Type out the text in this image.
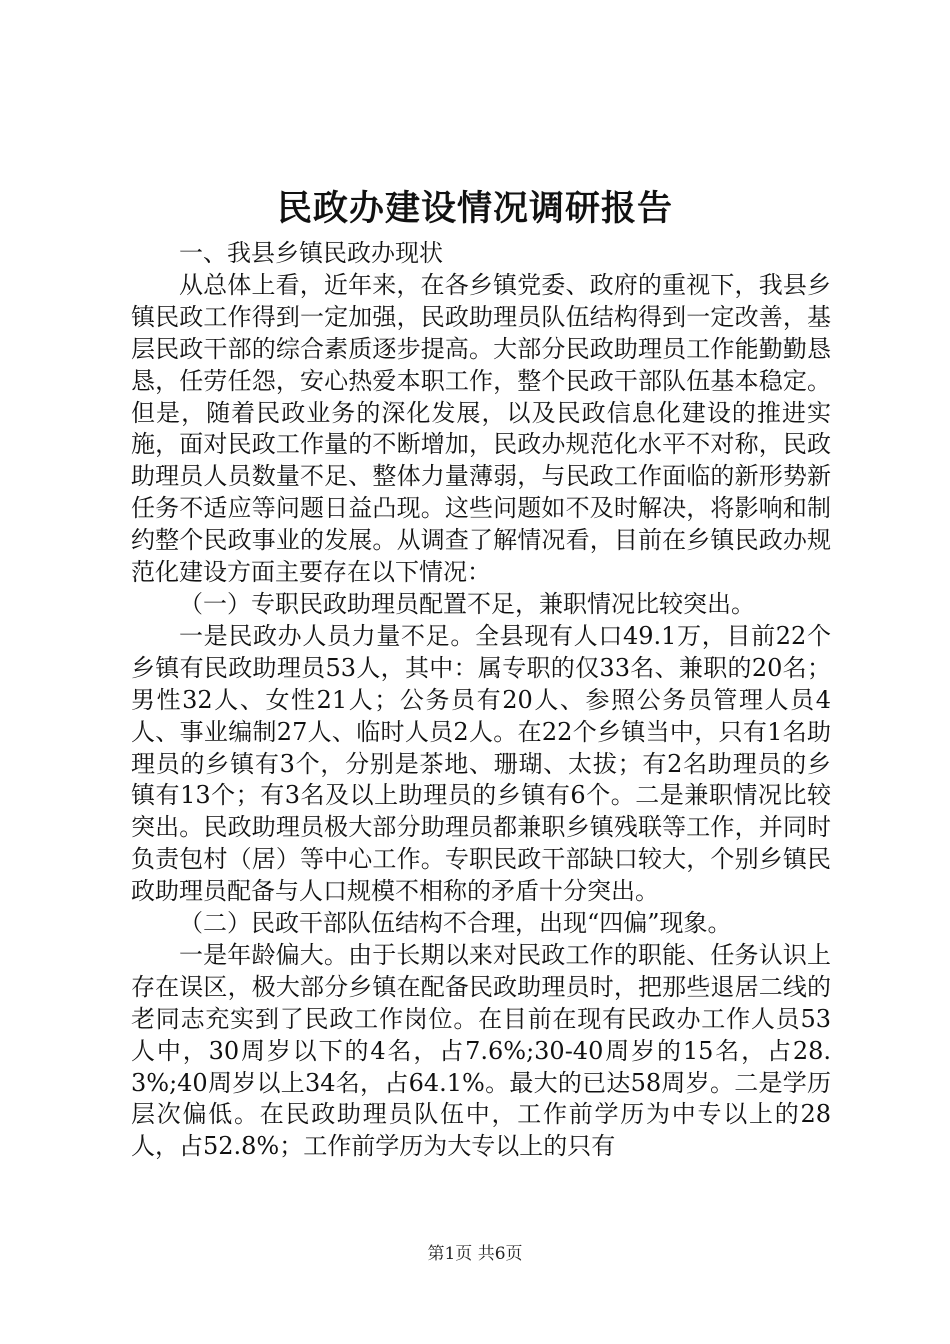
民政办建设情况调研报告

一、我县乡镇民政办现状

从总体上看，近年来，在各乡镇党委、政府的重视下，我县乡镇民政工作得到一定加强，民政助理员队伍结构得到一定改善，基层民政干部的综合素质逐步提高。大部分民政助理员工作能勤勤恳恳，任劳任怨，安心热爱本职工作，整个民政干部队伍基本稳定。但是，随着民政业务的深化发展，以及民政信息化建设的推进实施，面对民政工作量的不断增加，民政办规范化水平不对称，民政助理员人员数量不足、整体力量薄弱，与民政工作面临的新形势新任务不适应等问题日益凸现。这些问题如不及时解决，将影响和制约整个民政事业的发展。从调查了解情况看，目前在乡镇民政办规范化建设方面主要存在以下情况：

（一）专职民政助理员配置不足，兼职情况比较突出。

一是民政办人员力量不足。全县现有人口49.1万，目前22个乡镇有民政助理员53人，其中：属专职的仅33名、兼职的20名；男性32人、女性21人；公务员有20人、参照公务员管理人员4人、事业编制27人、临时人员2人。在22个乡镇当中，只有1名助理员的乡镇有3个，分别是茶地、珊瑚、太拔；有2名助理员的乡镇有13个；有3名及以上助理员的乡镇有6个。二是兼职情况比较突出。民政助理员极大部分助理员都兼职乡镇残联等工作，并同时负责包村（居）等中心工作。专职民政干部缺口较大，个别乡镇民政助理员配备与人口规模不相称的矛盾十分突出。

（二）民政干部队伍结构不合理，出现“四偏”现象。

一是年龄偏大。由于长期以来对民政工作的职能、任务认识上存在误区，极大部分乡镇在配备民政助理员时，把那些退居二线的老同志充实到了民政工作岗位。在目前在现有民政办工作人员53人中，30周岁以下的4名，占7.6%;30-40周岁的15名，占28.3%;40周岁以上34名，占64.1%。最大的已达58周岁。二是学历层次偏低。在民政助理员队伍中，工作前学历为中专以上的28人，占52.8%；工作前学历为大专以上的只有

第1页 共6页
